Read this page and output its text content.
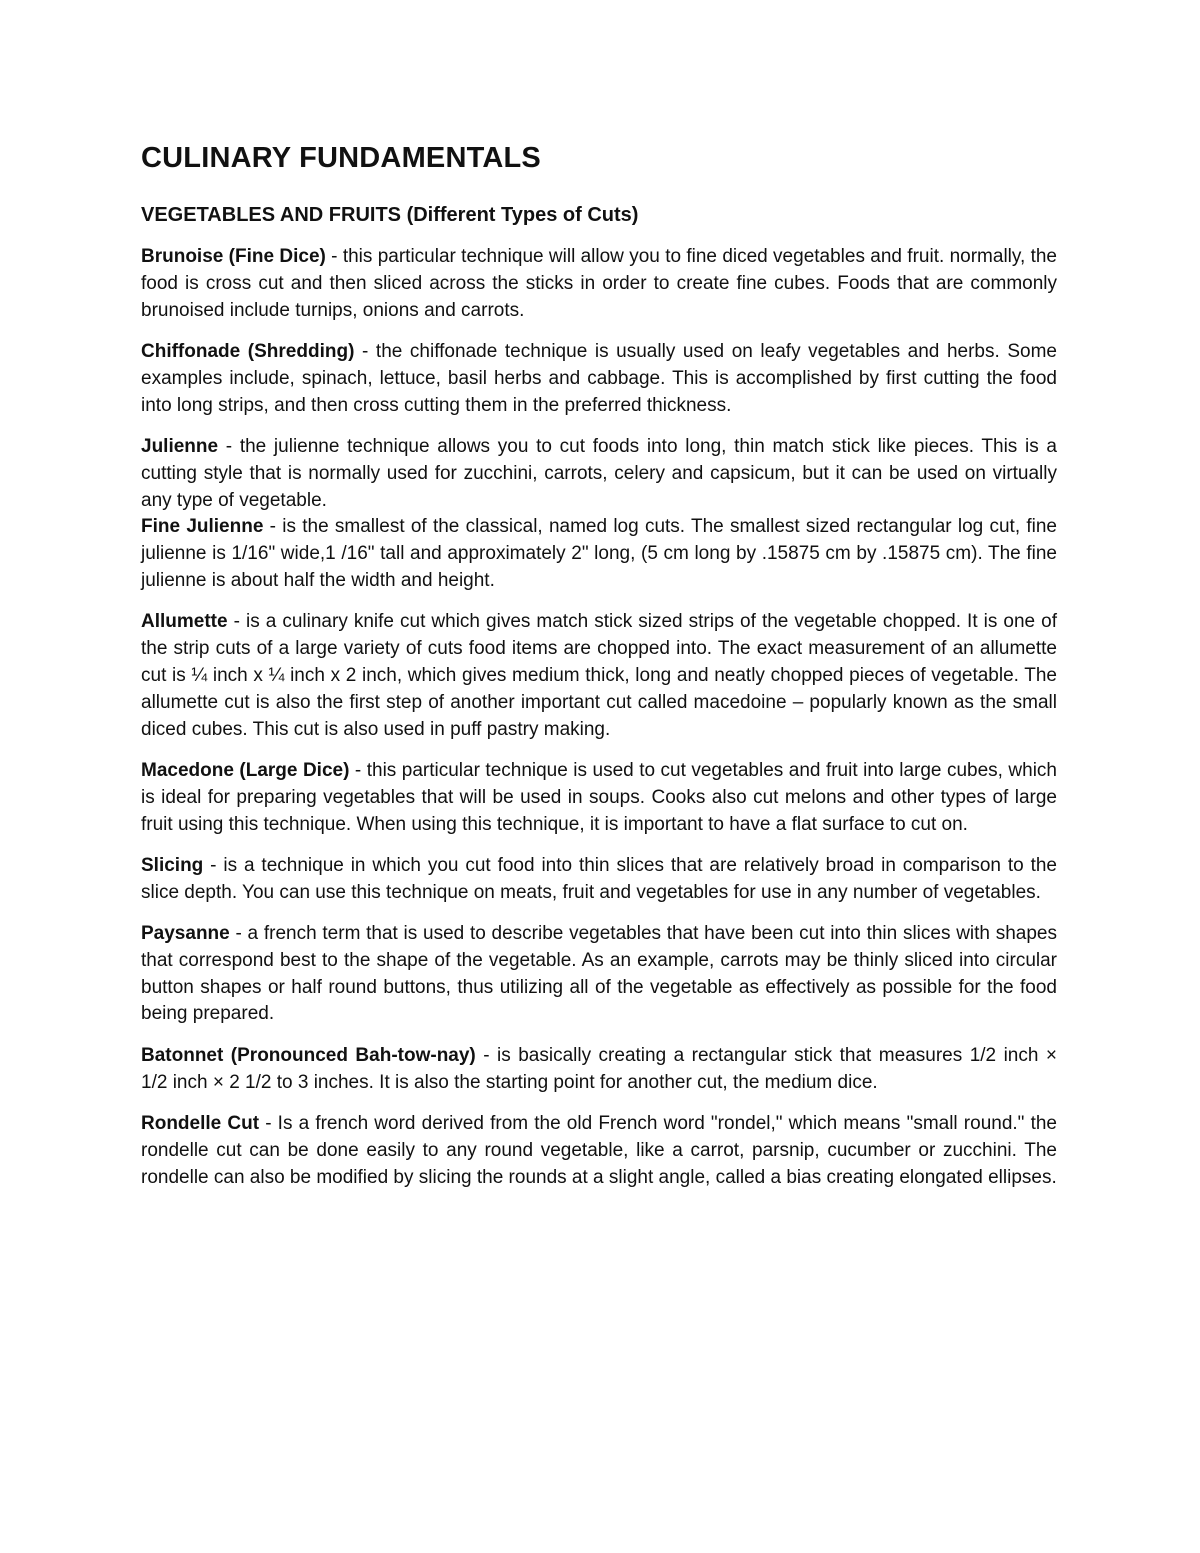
CULINARY FUNDAMENTALS
VEGETABLES AND FRUITS (Different Types of Cuts)

Brunoise (Fine Dice) - this particular technique will allow you to fine diced vegetables and fruit. normally, the food is cross cut and then sliced across the sticks in order to create fine cubes. Foods that are commonly brunoised include turnips, onions and carrots.

Chiffonade (Shredding) - the chiffonade technique is usually used on leafy vegetables and herbs. Some examples include, spinach, lettuce, basil herbs and cabbage. This is accomplished by first cutting the food into long strips, and then cross cutting them in the preferred thickness.

Julienne - the julienne technique allows you to cut foods into long, thin match stick like pieces. This is a cutting style that is normally used for zucchini, carrots, celery and capsicum, but it can be used on virtually any type of vegetable.

Fine Julienne - is the smallest of the classical, named log cuts. The smallest sized rectangular log cut, fine julienne is 1/16" wide,1 /16" tall and approximately 2" long, (5 cm long by .15875 cm by .15875 cm). The fine julienne is about half the width and height.

Allumette - is a culinary knife cut which gives match stick sized strips of the vegetable chopped. It is one of the strip cuts of a large variety of cuts food items are chopped into. The exact measurement of an allumette cut is ¼ inch x ¼ inch x 2 inch, which gives medium thick, long and neatly chopped pieces of vegetable. The allumette cut is also the first step of another important cut called macedoine – popularly known as the small diced cubes. This cut is also used in puff pastry making.

Macedone (Large Dice) - this particular technique is used to cut vegetables and fruit into large cubes, which is ideal for preparing vegetables that will be used in soups. Cooks also cut melons and other types of large fruit using this technique. When using this technique, it is important to have a flat surface to cut on.

Slicing - is a technique in which you cut food into thin slices that are relatively broad in comparison to the slice depth. You can use this technique on meats, fruit and vegetables for use in any number of vegetables.

Paysanne - a french term that is used to describe vegetables that have been cut into thin slices with shapes that correspond best to the shape of the vegetable. As an example, carrots may be thinly sliced into circular button shapes or half round buttons, thus utilizing all of the vegetable as effectively as possible for the food being prepared.

Batonnet (Pronounced Bah-tow-nay) - is basically creating a rectangular stick that measures 1/2 inch × 1/2 inch × 2 1/2 to 3 inches. It is also the starting point for another cut, the medium dice.

Rondelle Cut - Is a french word derived from the old French word "rondel," which means "small round." the rondelle cut can be done easily to any round vegetable, like a carrot, parsnip, cucumber or zucchini. The rondelle can also be modified by slicing the rounds at a slight angle, called a bias creating elongated ellipses.
